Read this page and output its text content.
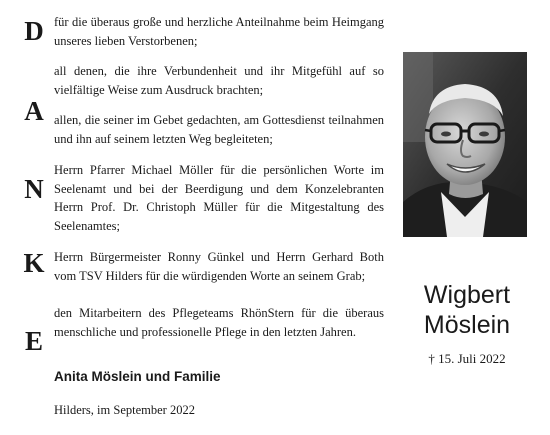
D
A
N
K
E

für die überaus große und herzliche Anteilnahme beim Heimgang unseres lieben Verstorbenen;

all denen, die ihre Verbundenheit und ihr Mitgefühl auf so vielfältige Weise zum Ausdruck brachten;

allen, die seiner im Gebet gedachten, am Gottesdienst teilnahmen und ihn auf seinem letzten Weg begleiteten;

Herrn Pfarrer Michael Möller für die persönlichen Worte im Seelenamt und bei der Beerdigung und dem Konzelebranten Herrn Prof. Dr. Christoph Müller für die Mitgestaltung des Seelenamtes;

Herrn Bürgermeister Ronny Günkel und Herrn Gerhard Both vom TSV Hilders für die würdigenden Worte an seinem Grab;

den Mitarbeitern des Pflegeteams RhönStern für die überaus menschliche und professionelle Pflege in den letzten Jahren.

Anita Möslein und Familie
Hilders, im September 2022
Wigbert
Möslein
† 15. Juli 2022
